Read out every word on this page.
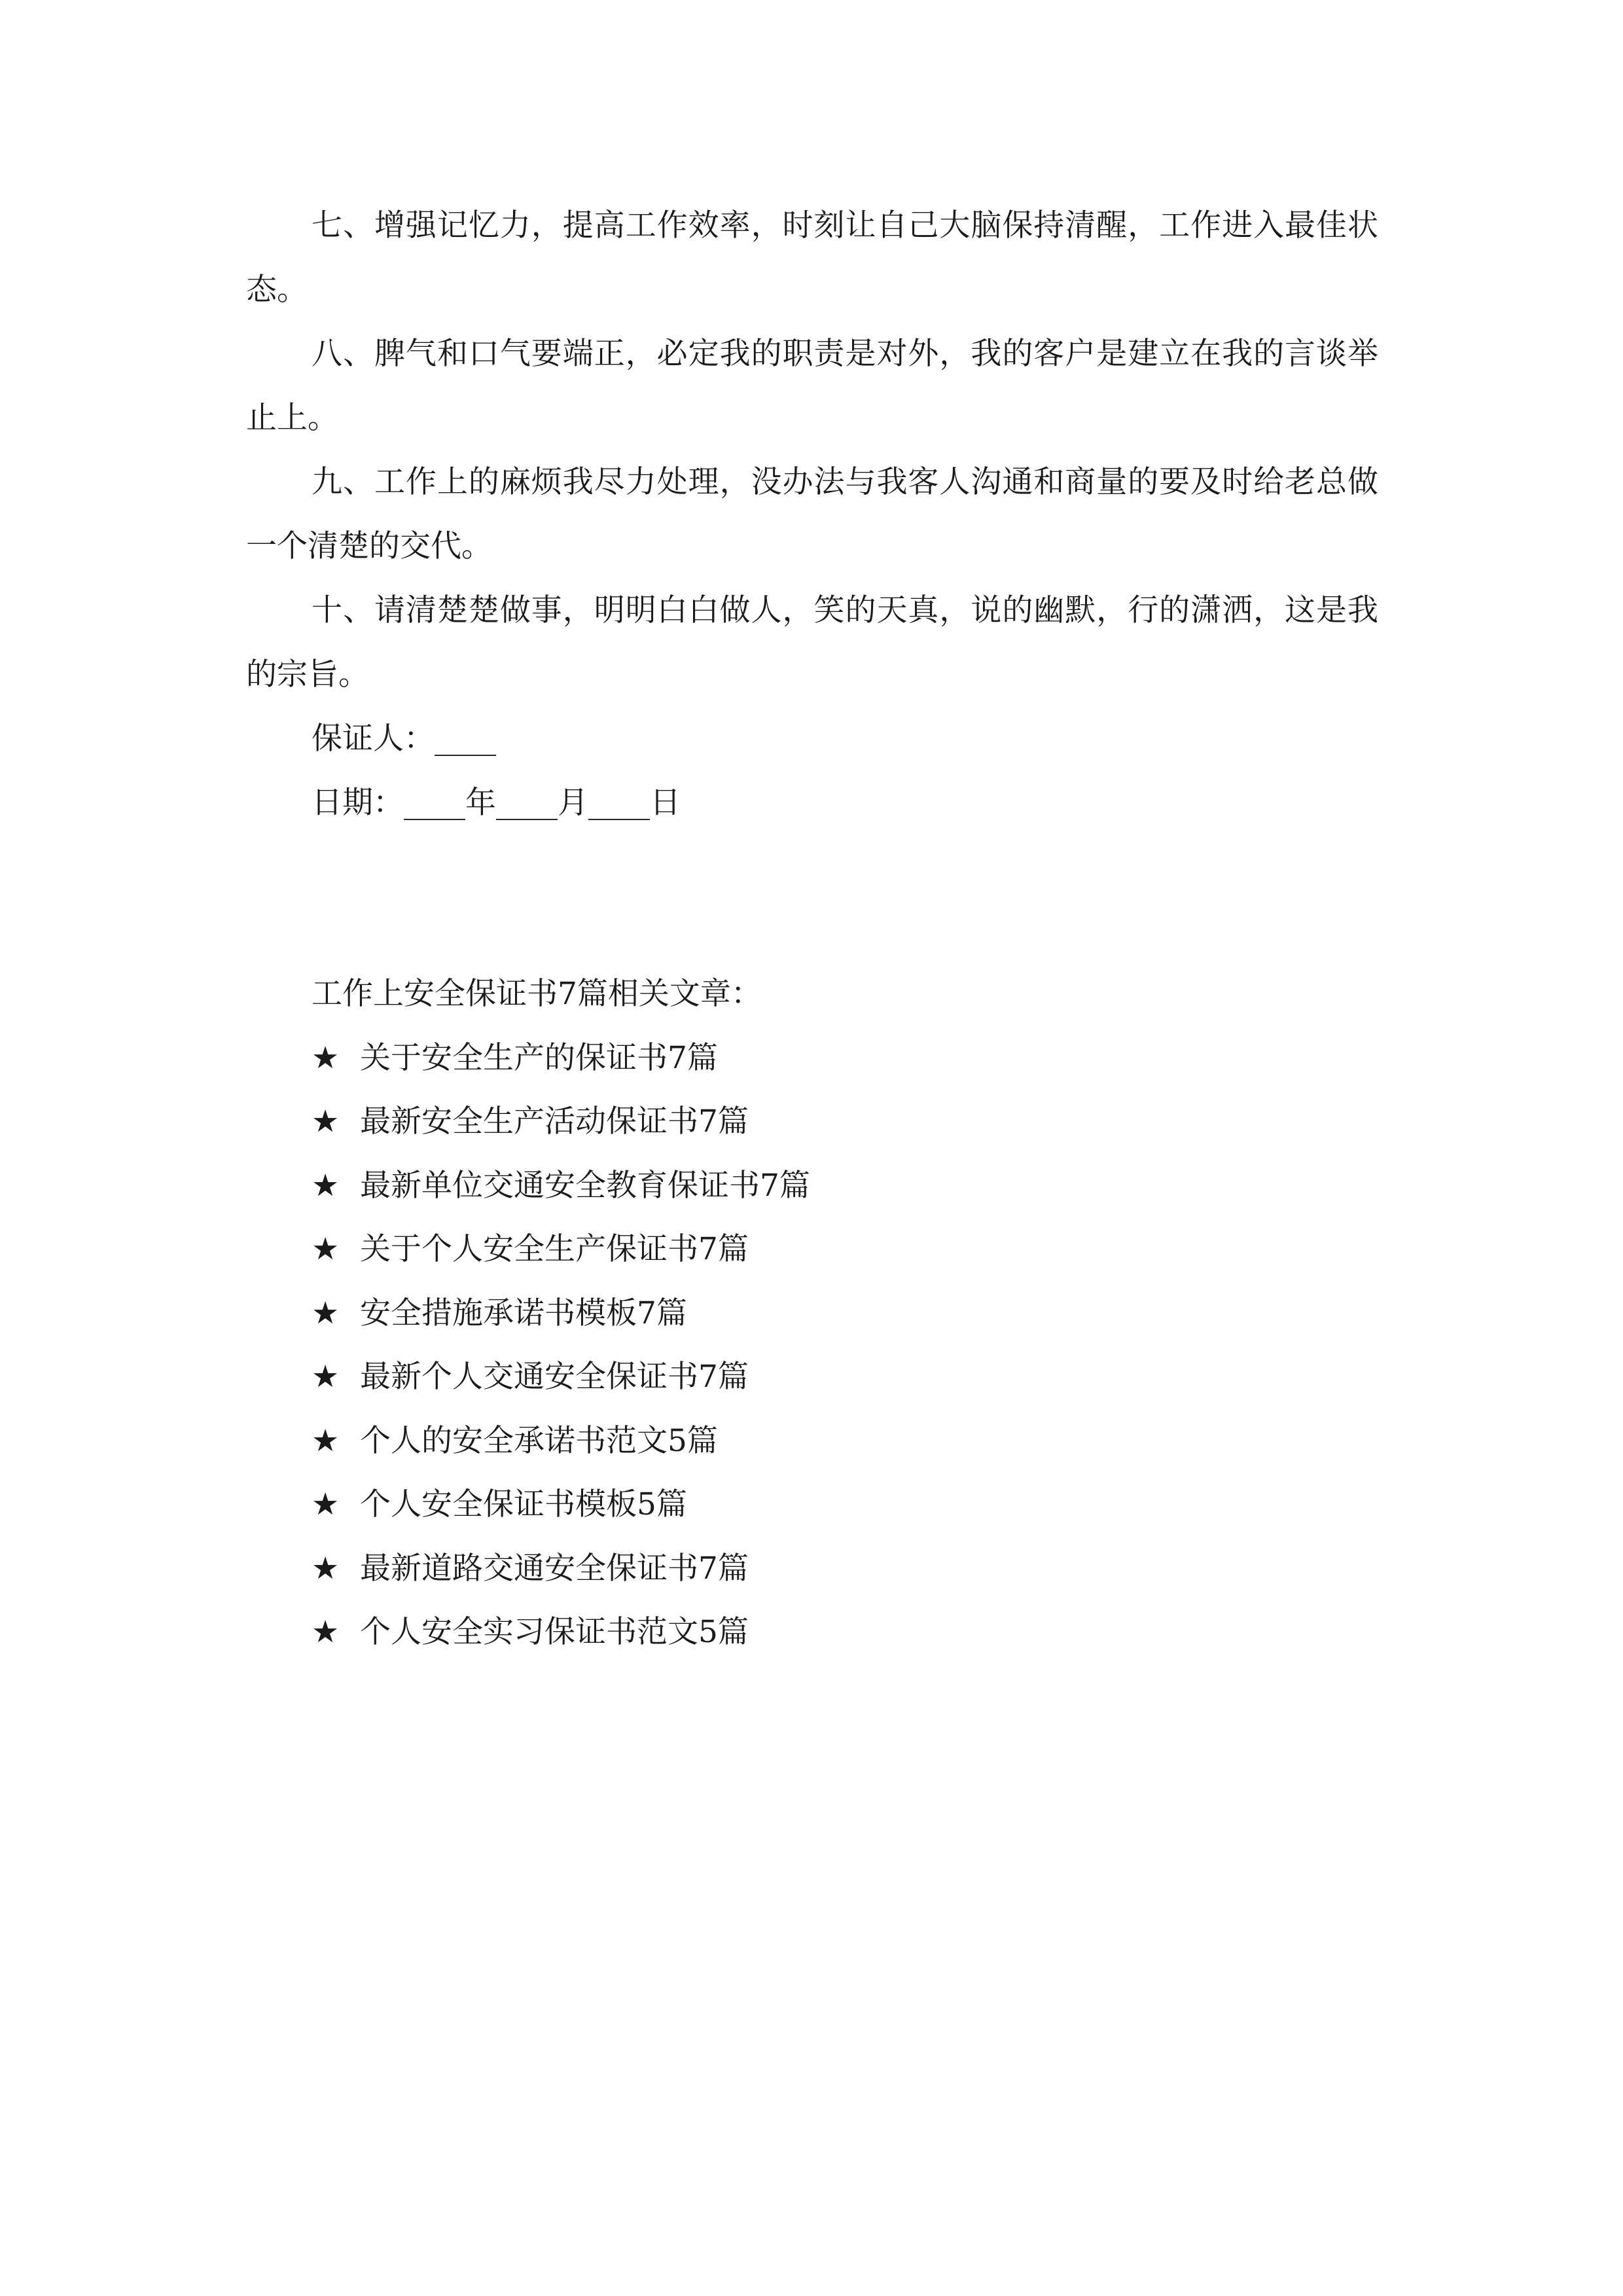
七、增强记忆力，提高工作效率，时刻让自己大脑保持清醒，工作进入最佳状态。

八、脾气和口气要端正，必定我的职责是对外，我的客户是建立在我的言谈举止上。

九、工作上的麻烦我尽力处理，没办法与我客人沟通和商量的要及时给老总做一个清楚的交代。

十、请清楚楚做事，明明白白做人，笑的天真，说的幽默，行的潇洒，这是我的宗旨。

保证人：____

日期：____年____月____日

工作上安全保证书7篇相关文章：

★ 关于安全生产的保证书7篇
★ 最新安全生产活动保证书7篇
★ 最新单位交通安全教育保证书7篇
★ 关于个人安全生产保证书7篇
★ 安全措施承诺书模板7篇
★ 最新个人交通安全保证书7篇
★ 个人的安全承诺书范文5篇
★ 个人安全保证书模板5篇
★ 最新道路交通安全保证书7篇
★ 个人安全实习保证书范文5篇
